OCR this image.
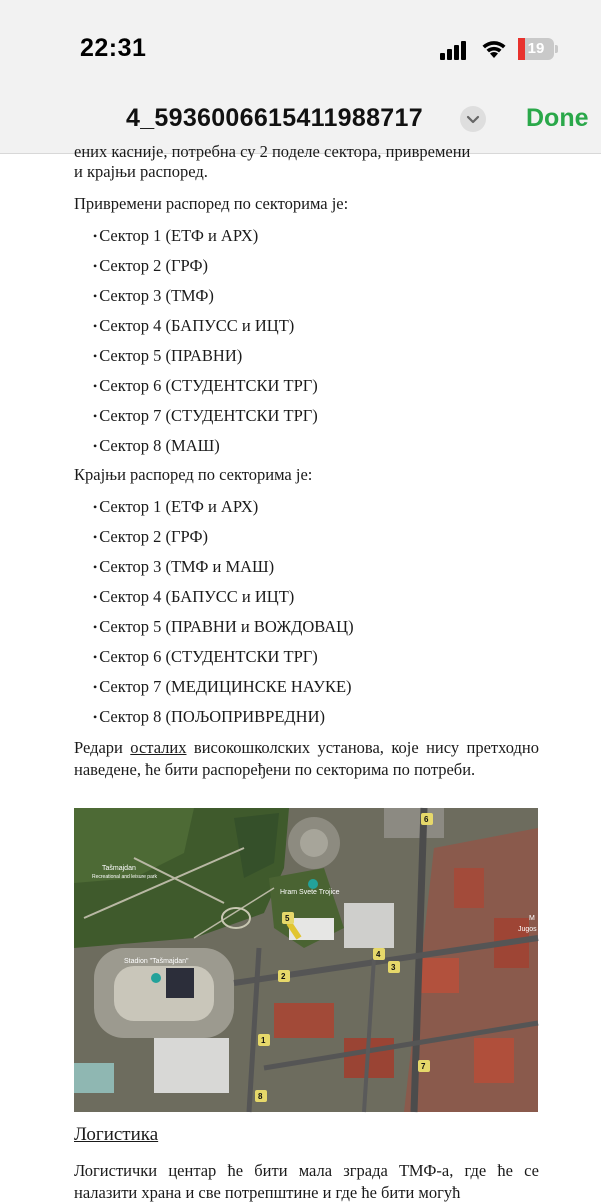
22:31	19
4_5936006615411988717	Done
ених касније, потребна су 2 поделе сектора, привремени
и крајњи распоред.
Привремени распоред по секторима је:
• Сектор 1 (ЕТФ и АРХ)
• Сектор 2 (ГРФ)
• Сектор 3 (ТМФ)
• Сектор 4 (БАПУСС и ИЦТ)
• Сектор 5 (ПРАВНИ)
• Сектор 6 (СТУДЕНТСКИ ТРГ)
• Сектор 7 (СТУДЕНТСКИ ТРГ)
• Сектор 8 (МАШ)
Крајњи распоред по секторима је:
• Сектор 1 (ЕТФ и АРХ)
• Сектор 2 (ГРФ)
• Сектор 3 (ТМФ и МАШ)
• Сектор 4 (БАПУСС и ИЦТ)
• Сектор 5 (ПРАВНИ и ВОЖДОВАЦ)
• Сектор 6 (СТУДЕНТСКИ ТРГ)
• Сектор 7 (МЕДИЦИНСКЕ НАУКЕ)
• Сектор 8 (ПОЉОПРИВРЕДНИ)
Редари осталих високошколских установа, које нису претходно наведене, ће бити распоређени по секторима по потреби.
Tašmajdan
Recreational and leisure park
Hram Svete Trojice
Stadion "Tašmajdan"
M
Jugos
1
2
3
4
5
6
7
8
Логистика
Логистички центар ће бити мала зграда ТМФ-а, где ће се налазити храна и све потрепштине и где ће бити могућ
